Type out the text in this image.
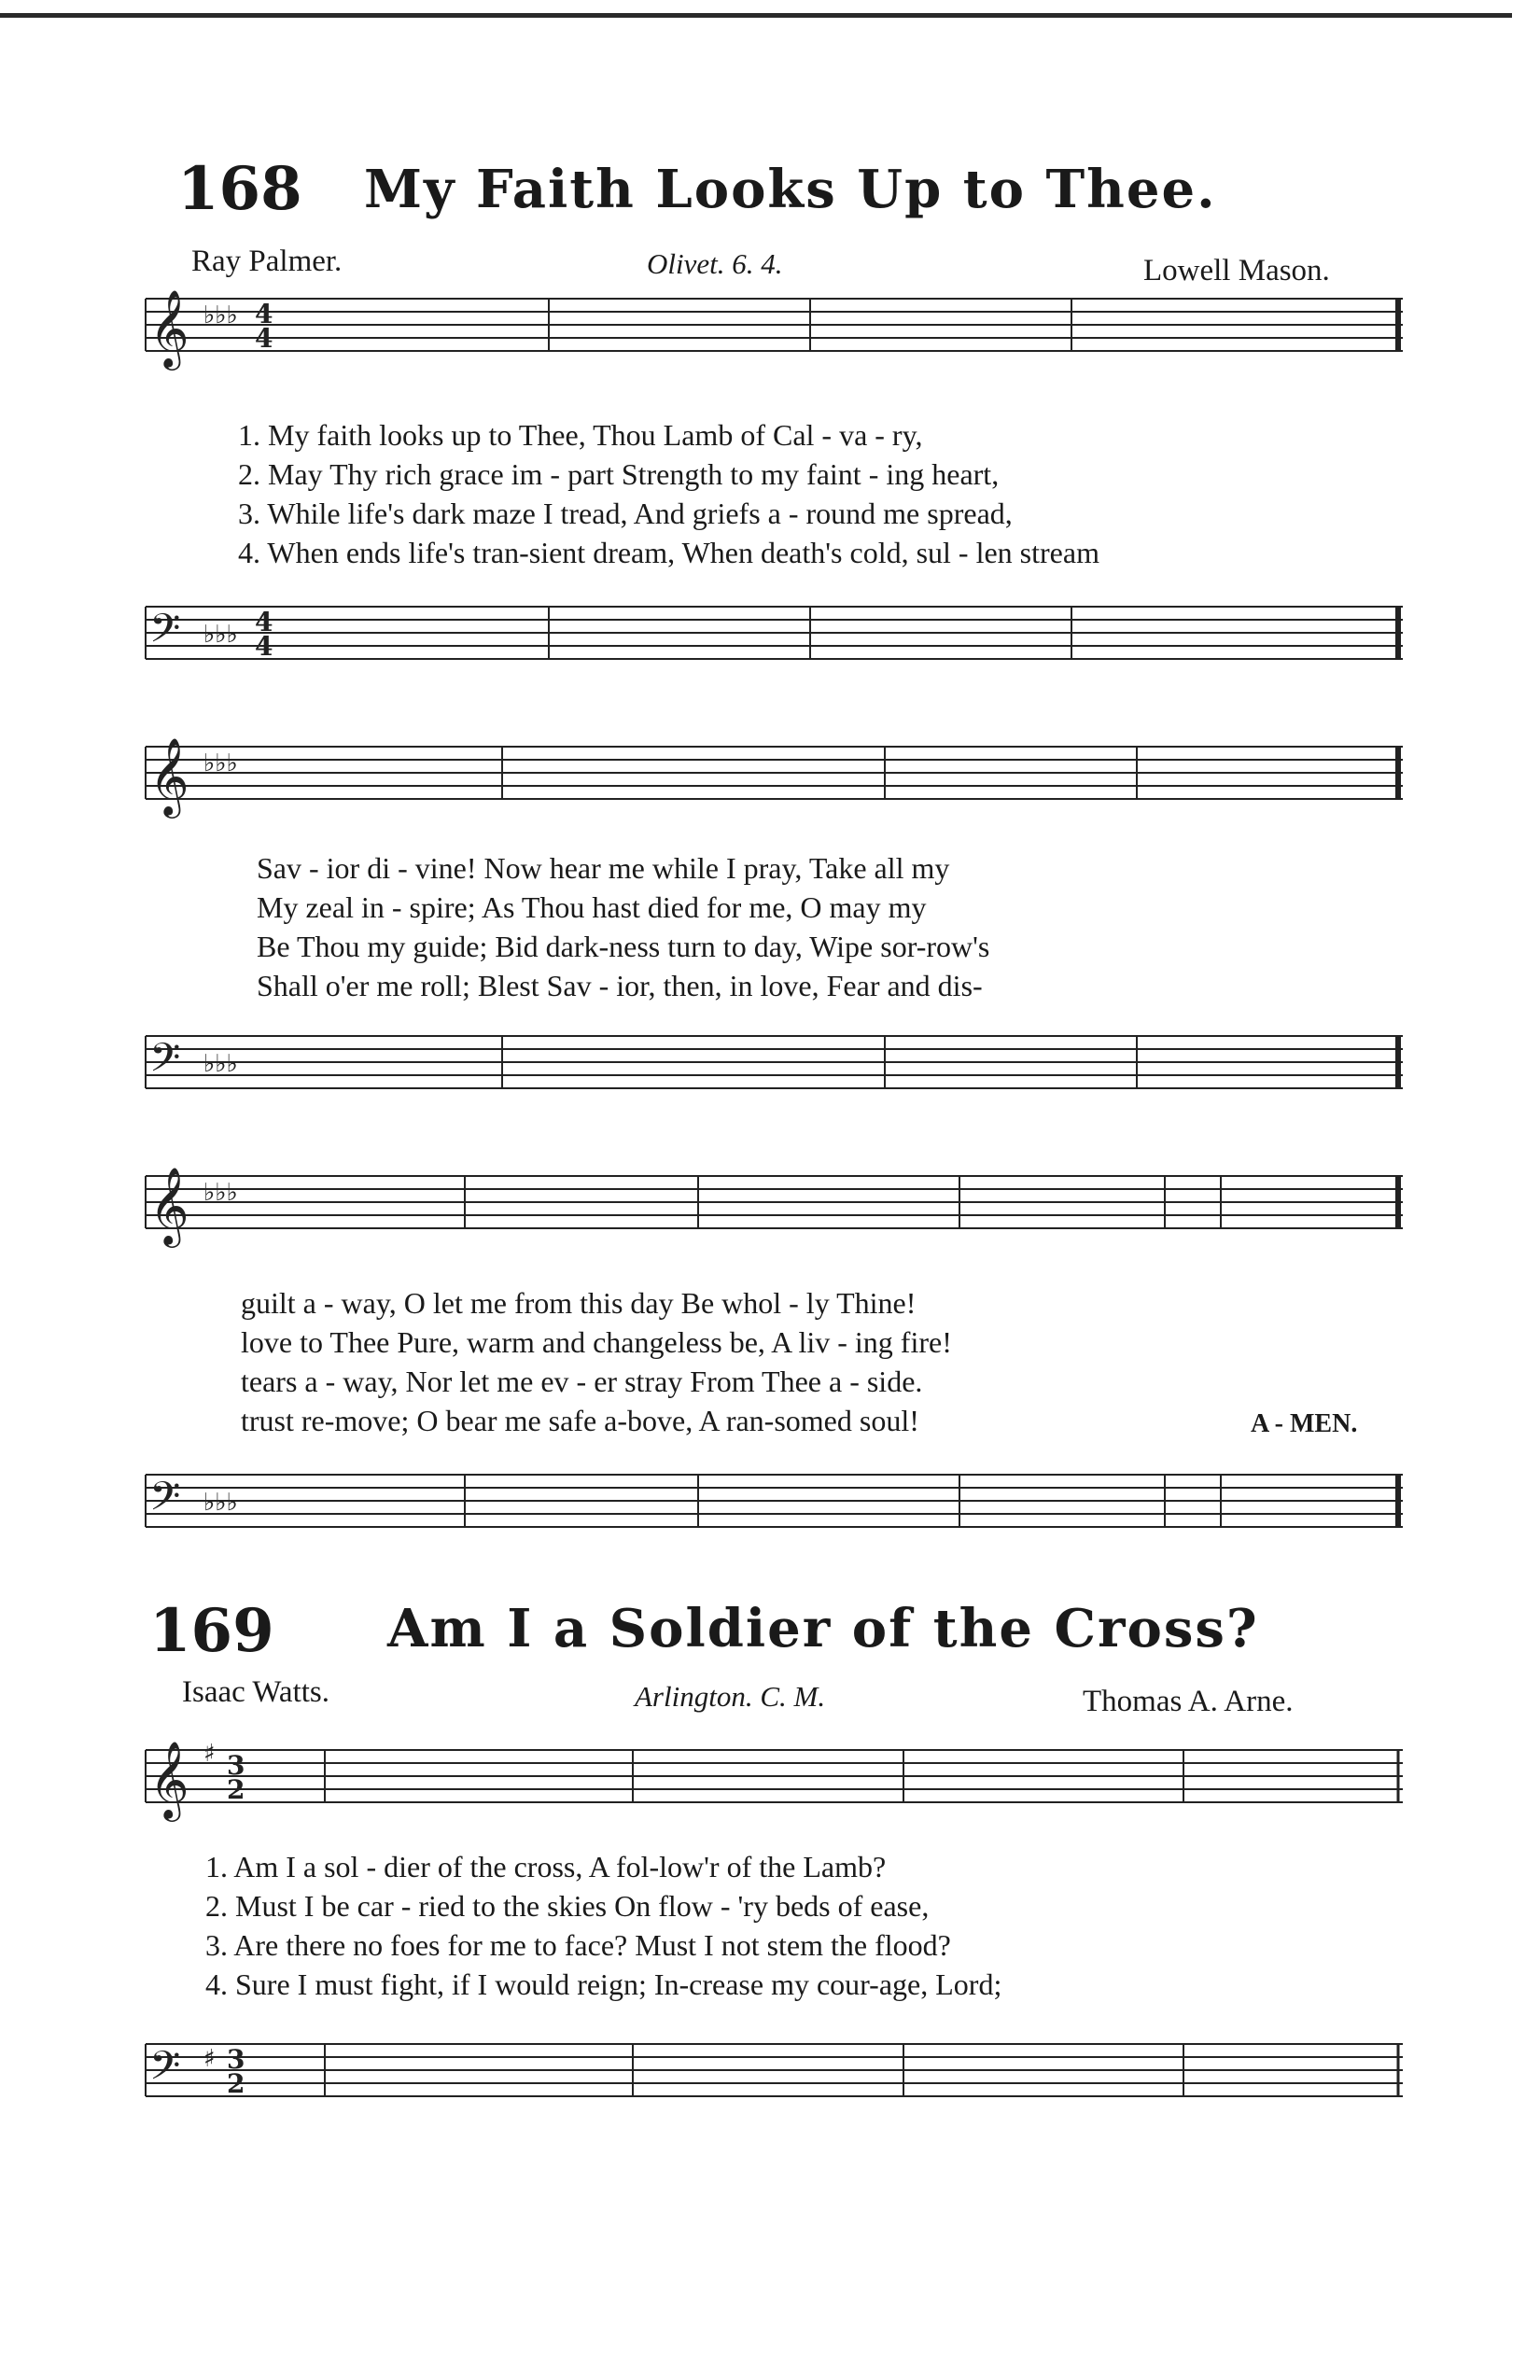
168 My Faith Looks Up to Thee.
Ray Palmer.	Olivet. 6. 4.	Lowell Mason.
𝄞 ♭♭♭ 4
4
1. My faith looks up to Thee, Thou Lamb of Cal - va - ry,
2. May Thy rich grace im - part Strength to my faint - ing heart,
3. While life's dark maze I tread, And griefs a - round me spread,
4. When ends life's tran-sient dream, When death's cold, sul - len stream
𝄢 ♭♭♭ 4
4
𝄞 ♭♭♭
Sav - ior di - vine! Now hear me while I pray, Take all my
My zeal in - spire; As Thou hast died for me, O may my
Be Thou my guide; Bid dark-ness turn to day, Wipe sor-row's
Shall o'er me roll; Blest Sav - ior, then, in love, Fear and dis-
𝄢 ♭♭♭
𝄞 ♭♭♭
guilt a - way, O let me from this day Be whol - ly Thine!
love to Thee Pure, warm and changeless be, A liv - ing fire!
tears a - way, Nor let me ev - er stray From Thee a - side.
trust re-move; O bear me safe a-bove, A ran-somed soul!	A - MEN.
𝄢 ♭♭♭
169 Am I a Soldier of the Cross?
Isaac Watts.	Arlington. C. M.	Thomas A. Arne.
𝄞 ♯ 3
2
1. Am I a sol - dier of the cross, A fol-low'r of the Lamb?
2. Must I be car - ried to the skies On flow - 'ry beds of ease,
3. Are there no foes for me to face? Must I not stem the flood?
4. Sure I must fight, if I would reign; In-crease my cour-age, Lord;
𝄢 ♯ 3
2
